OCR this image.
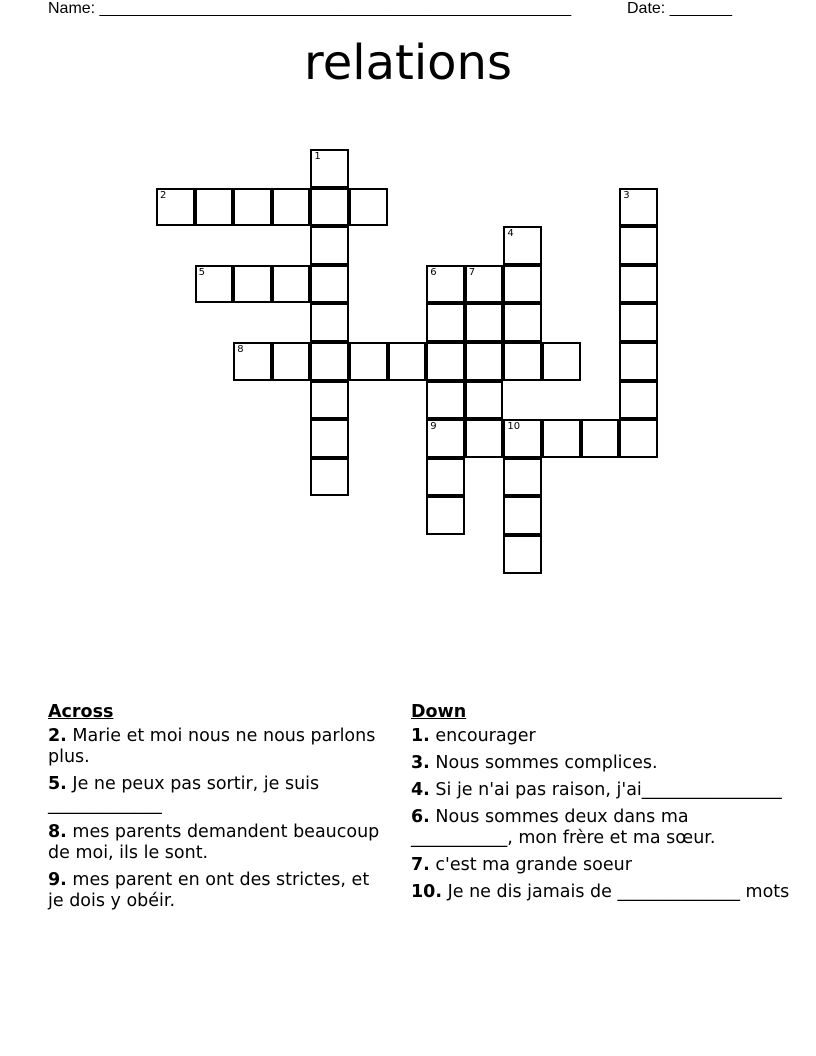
Name: _____________________________________________________	Date: _______
relations
1
2	3
4
5	6	7
8
9	10
Across
2. Marie et moi nous ne nous parlons plus.
5. Je ne peux pas sortir, je suis _____________
8. mes parents demandent beaucoup de moi, ils le sont.
9. mes parent en ont des strictes, et je dois y obéir.
Down
1. encourager
3. Nous sommes complices.
4. Si je n'ai pas raison, j'ai________________
6. Nous sommes deux dans ma ___________, mon frère et ma sœur.
7. c'est ma grande soeur
10. Je ne dis jamais de ______________ mots
